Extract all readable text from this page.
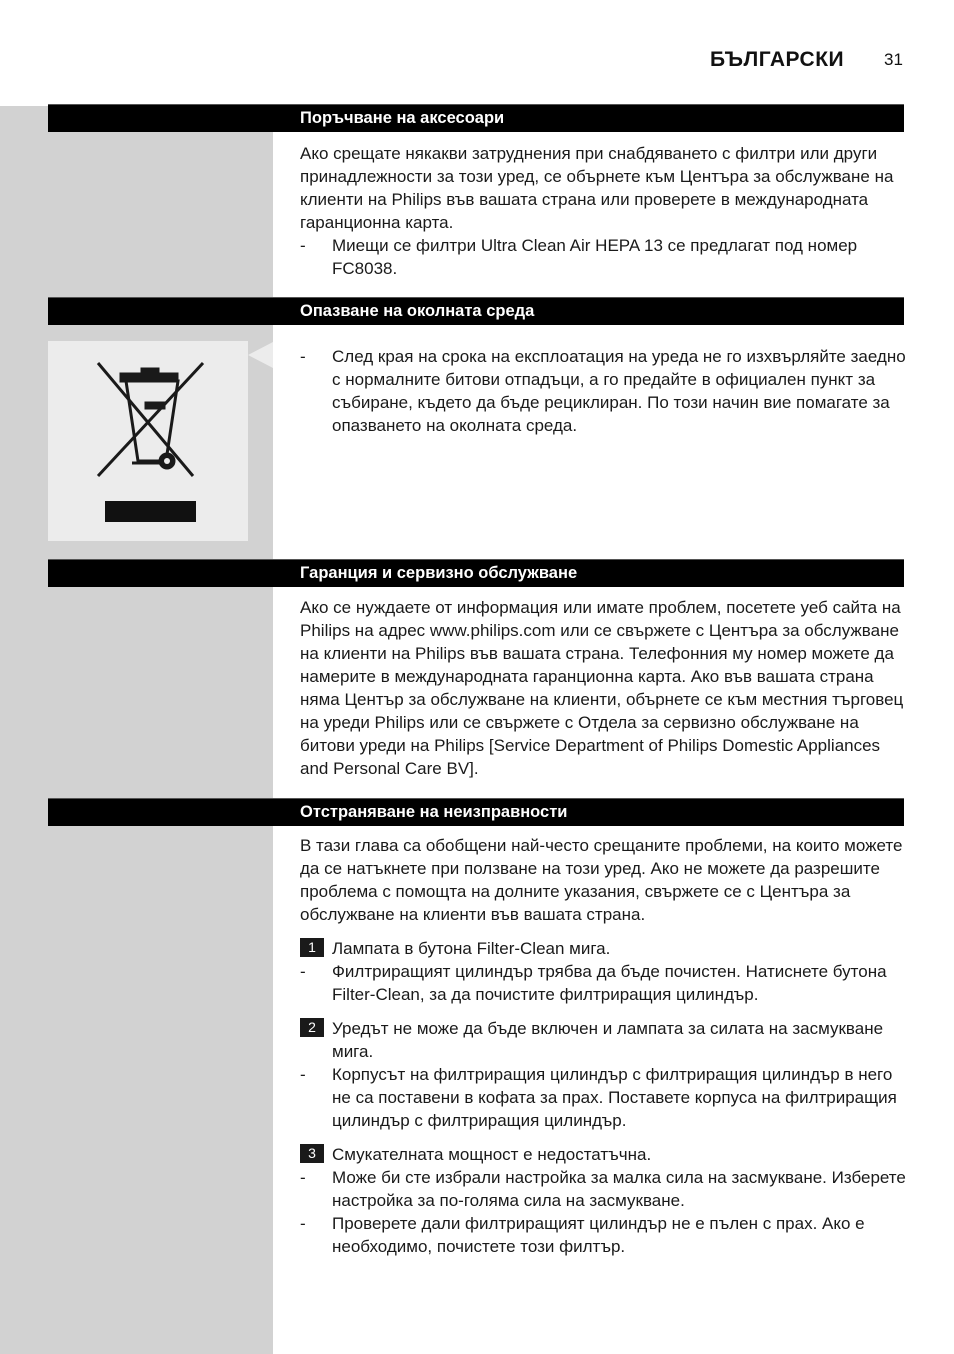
БЪЛГАРСКИ 31
Поръчване на аксесоари

Ако срещате някакви затруднения при снабдяването с филтри или други принадлежности за този уред, се обърнете към Центъра за обслужване на клиенти на Philips във вашата страна или проверете в международната гаранционна карта.

- Миещи се филтри Ultra Clean Air HEPA 13 се предлагат под номер FC8038.
Опазване на околната среда
- След края на срока на експлоатация на уреда не го изхвърляйте заедно с нормалните битови отпадъци, а го предайте в официален пункт за събиране, където да бъде рециклиран. По този начин вие помагате за опазването на околната среда.
Гаранция и сервизно обслужване

Ако се нуждаете от информация или имате проблем, посетете уеб сайта на Philips на адрес www.philips.com или се свържете с Центъра за обслужване на клиенти на Philips във вашата страна. Телефонния му номер можете да намерите в международната гаранционна карта. Ако във вашата страна няма Център за обслужване на клиенти, обърнете се към местния търговец на уреди Philips или се свържете с Отдела за сервизно обслужване на битови уреди на Philips [Service Department of Philips Domestic Appliances and Personal Care BV].

Отстраняване на неизправности

В тази глава са обобщени най-често срещаните проблеми, на които можете да се натъкнете при ползване на този уред. Ако не можете да разрешите проблема с помощта на долните указания, свържете се с Центъра за обслужване на клиенти във вашата страна.

1 Лампата в бутона Filter-Clean мига.
- Филтриращият цилиндър трябва да бъде почистен. Натиснете бутона Filter-Clean, за да почистите филтриращия цилиндър.
2 Уредът не може да бъде включен и лампата за силата на засмукване мига.
- Корпусът на филтриращия цилиндър с филтриращия цилиндър в него не са поставени в кофата за прах. Поставете корпуса на филтриращия цилиндър с филтриращия цилиндър.
3 Смукателната мощност е недостатъчна.
- Може би сте избрали настройка за малка сила на засмукване. Изберете настройка за по-голяма сила на засмукване.
- Проверете дали филтриращият цилиндър не е пълен с прах. Ако е необходимо, почистете този филтър.
